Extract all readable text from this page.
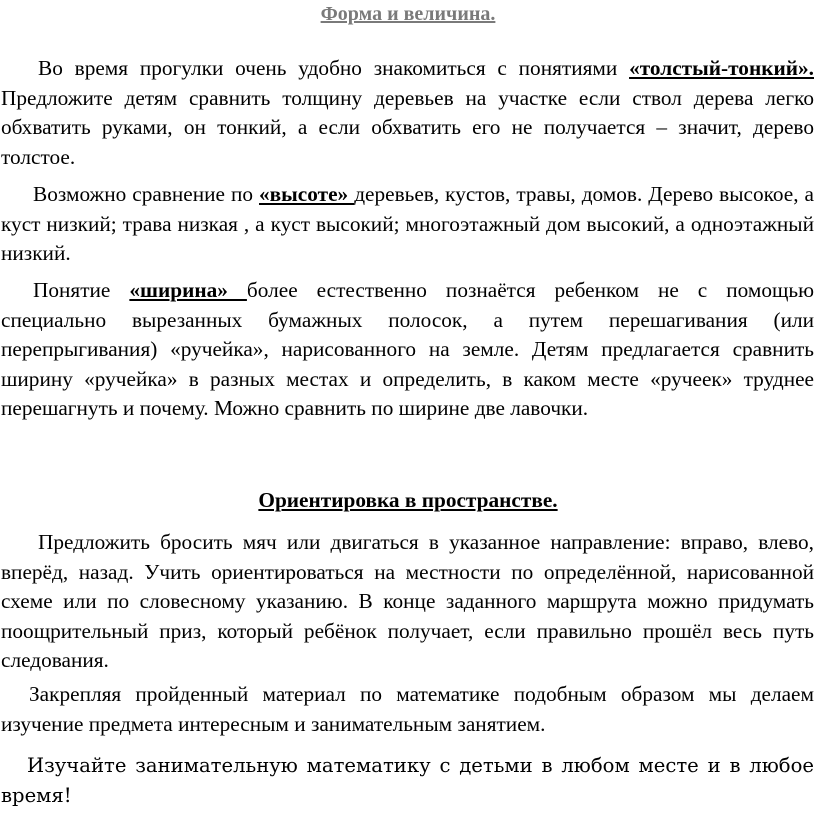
Форма и величина.

Во время прогулки очень удобно знакомиться с понятиями «толстый-тонкий». Предложите детям сравнить толщину деревьев на участке если ствол дерева легко обхватить руками, он тонкий, а если обхватить его не получается – значит, дерево толстое.

Возможно сравнение по «высоте» деревьев, кустов, травы, домов. Дерево высокое, а куст низкий; трава низкая , а куст высокий; многоэтажный дом высокий, а одноэтажный низкий.

Понятие «ширина» более естественно познаётся ребенком не с помощью специально вырезанных бумажных полосок, а путем перешагивания (или перепрыгивания) «ручейка», нарисованного на земле. Детям предлагается сравнить ширину «ручейка» в разных местах и определить, в каком месте «ручеек» труднее перешагнуть и почему. Можно сравнить по ширине две лавочки.

Ориентировка в пространстве.

Предложить бросить мяч или двигаться в указанное направление: вправо, влево, вперёд, назад. Учить ориентироваться на местности по определённой, нарисованной схеме или по словесному указанию. В конце заданного маршрута можно придумать поощрительный приз, который ребёнок получает, если правильно прошёл весь путь следования.

Закрепляя пройденный материал по математике подобным образом мы делаем изучение предмета интересным и занимательным занятием.

Изучайте занимательную математику с детьми в любом месте и в любое время!
